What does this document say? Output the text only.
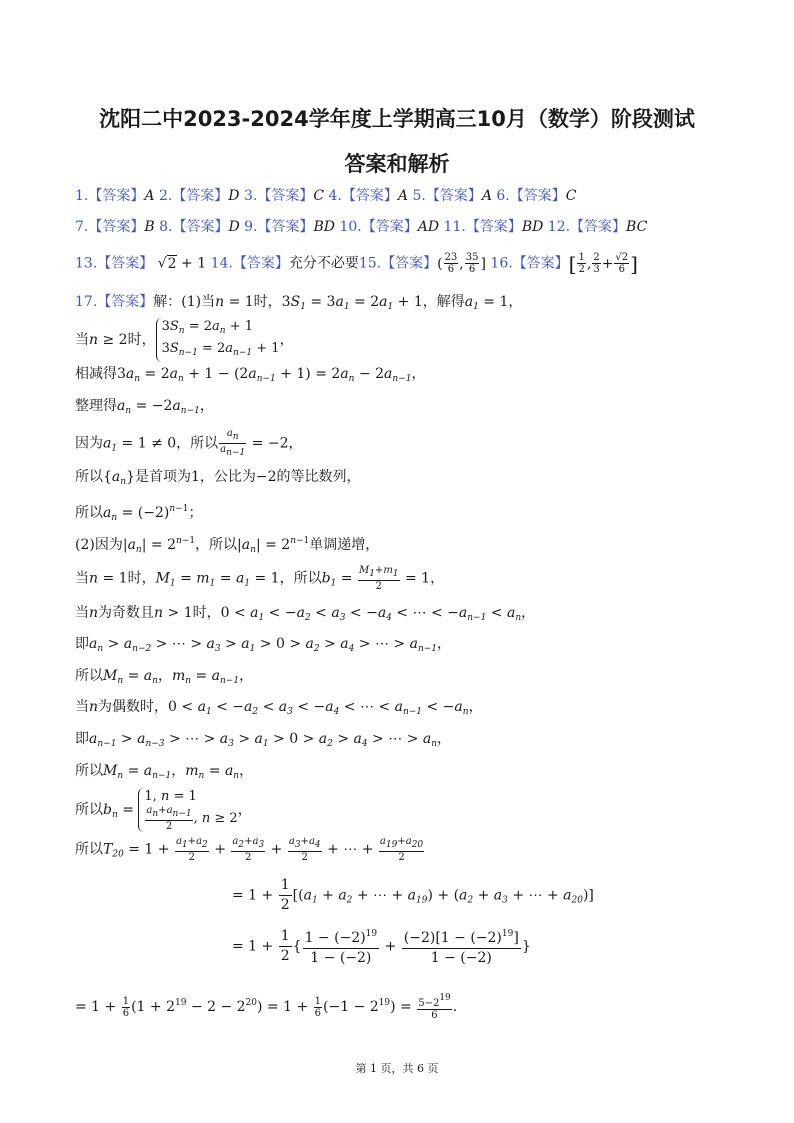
沈阳二中2023-2024学年度上学期高三10月（数学）阶段测试
答案和解析
1.【答案】A 2.【答案】D 3.【答案】C 4.【答案】A 5.【答案】A 6.【答案】C
7.【答案】B 8.【答案】D 9.【答案】BD 10.【答案】AD 11.【答案】BD 12.【答案】BC
13.【答案】 √2 + 1 14.【答案】充分不必要15.【答案】( $\frac{23}{6}$ , $\frac{35}{6}$ ] 16.【答案】[ $\frac{1}{2}$ , $\frac{2}{3} + \frac{√2}{6}$ ]
17.【答案】解：(1)当n = 1时，$3S_1 = 3a_1 = 2a_1 + 1$，解得$a_1 = 1$，
当n ≥ 2时，
$3S_n = 2a_n + 1$
$3S_{n-1} = 2a_{n-1} + 1$
，
相减得$3a_n = 2a_n + 1 - (2a_{n-1} + 1) = 2a_n - 2a_{n-1}$，
整理得$a_n = -2a_{n-1}$，
因为$a_1 = 1 \ne 0$，所以 $\frac{an}{an-1} = -2$，
所以$\{a_n\}$是首项为1，公比为−2的等比数列，
所以$a_n = (-2)^{n-1}$；
(2)因为$|a_n| = 2^{n-1}$，所以$|a_n| = 2^{n-1}$单调递增，
当n = 1时，$M_1 = m_1 = a_1 = 1$，所以$b_1 = \frac{M1+m1}{2} = 1$，
当n为奇数且n > 1时，$0 < a_1 < -a_2 < a_3 < -a_4$ < ⋯ < $-a_{n-1} < a_n$，
即$a_n > a_{n-2}$ > ⋯ > $a_3 > a_1 > 0 > a_2 > a_4$ > ⋯ > $a_{n-1}$，
所以$M_n = a_n$，$m_n = a_{n-1}$，
当n为偶数时，$0 < a_1 < -a_2 < a_3 < -a_4$ < ⋯ < $a_{n-1} < -a_n$，
即$a_{n-1} > a_{n-3}$ > ⋯ > $a_3 > a_1 > 0 > a_2 > a_4$ > ⋯ > $a_n$，
所以$M_n = a_{n-1}$，$m_n = a_n$，
所以$b_n$ =
1, n = 1
$\frac{an+an-1}{2}$ , n ≥ 2
，
所以$T_{20} = 1 + \frac{a1+a2}{2} + \frac{a2+a3}{2} + \frac{a3+a4}{2}$ + ⋯ + $\frac{a19+a20}{2}$
= $1 + \frac{1}{2} [(a_1 + a_2$ + ⋯ + $a_{19}) + (a_2 + a_3$ + ⋯ + $a_{20}$)]
= $1 + \frac{1}{2}$ { $\frac{1 - (-2)^{19}}{1 - (-2)} + \frac{(-2)[1 - (-2)^{19}]}{1 - (-2)}$ }
= $1 + \frac{1}{6} (1 + 2^{19} - 2 - 2^{20}) = 1 + \frac{1}{6} (-1 - 2^{19}) = \frac{5-219}{6}$ .
第 1 页，共 6 页
